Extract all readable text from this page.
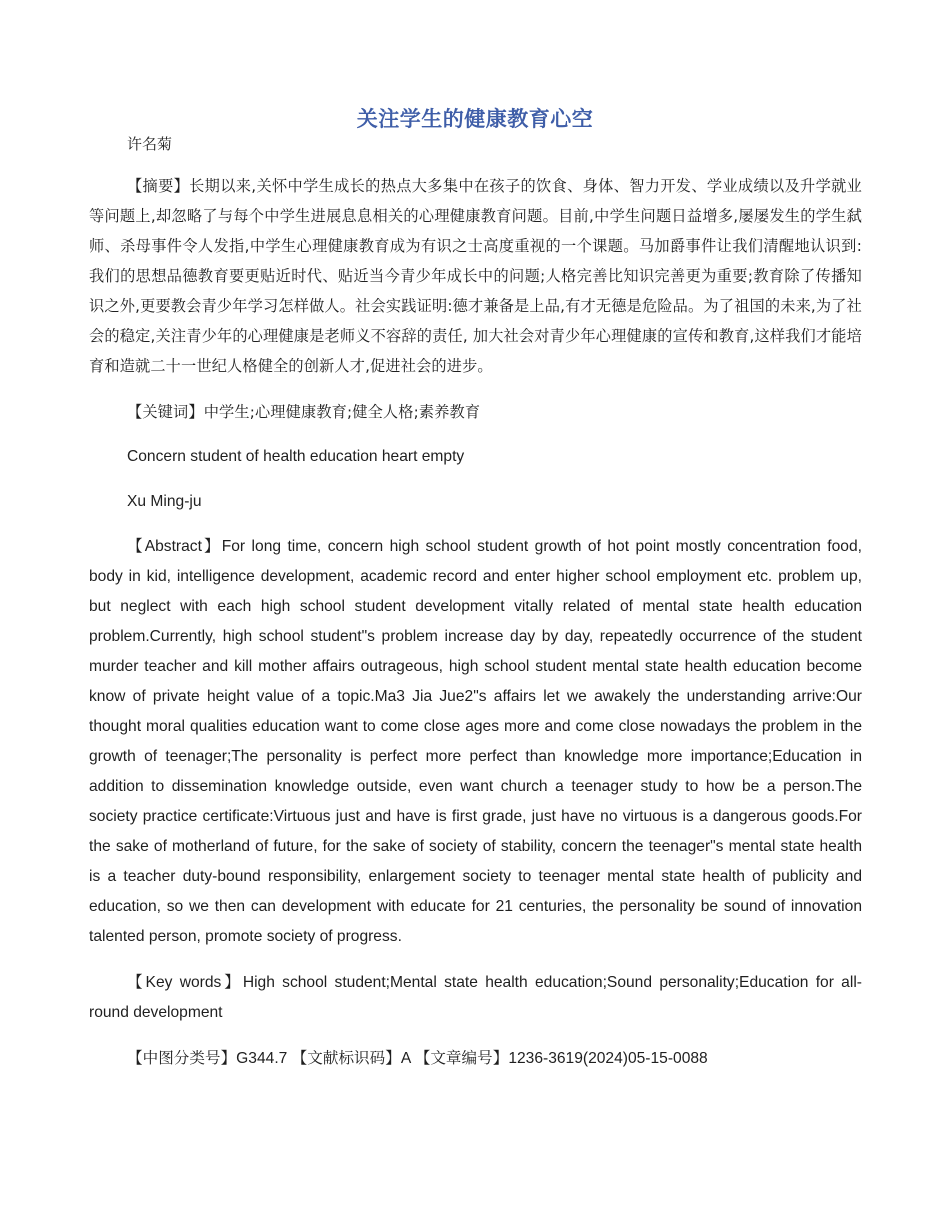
关注学生的健康教育心空
许名菊

【摘要】长期以来,关怀中学生成长的热点大多集中在孩子的饮食、身体、智力开发、学业成绩以及升学就业等问题上,却忽略了与每个中学生进展息息相关的心理健康教育问题。目前,中学生问题日益增多,屡屡发生的学生弑师、杀母事件令人发指,中学生心理健康教育成为有识之士高度重视的一个课题。马加爵事件让我们清醒地认识到:我们的思想品德教育要更贴近时代、贴近当今青少年成长中的问题;人格完善比知识完善更为重要;教育除了传播知识之外,更要教会青少年学习怎样做人。社会实践证明:德才兼备是上品,有才无德是危险品。为了祖国的未来,为了社会的稳定,关注青少年的心理健康是老师义不容辞的责任, 加大社会对青少年心理健康的宣传和教育,这样我们才能培育和造就二十一世纪人格健全的创新人才,促进社会的进步。

【关键词】中学生;心理健康教育;健全人格;素养教育

Concern student of health education heart empty

Xu Ming-ju

【Abstract】For long time, concern high school student growth of hot point mostly concentration food, body in kid, intelligence development, academic record and enter higher school employment etc. problem up, but neglect with each high school student development vitally related of mental state health education problem.Currently, high school student"s problem increase day by day, repeatedly occurrence of the student murder teacher and kill mother affairs outrageous, high school student mental state health education become know of private height value of a topic.Ma3 Jia Jue2"s affairs let we awakely the understanding arrive:Our thought moral qualities education want to come close ages more and come close nowadays the problem in the growth of teenager;The personality is perfect more perfect than knowledge more importance;Education in addition to dissemination knowledge outside, even want church a teenager study to how be a person.The society practice certificate:Virtuous just and have is first grade, just have no virtuous is a dangerous goods.For the sake of motherland of future, for the sake of society of stability, concern the teenager"s mental state health is a teacher duty-bound responsibility, enlargement society to teenager mental state health of publicity and education, so we then can development with educate for 21 centuries, the personality be sound of innovation talented person, promote society of progress.

【Key words】High school student;Mental state health education;Sound personality;Education for all-round development

【中图分类号】G344.7 【文献标识码】A 【文章编号】1236-3619(2024)05-15-0088
